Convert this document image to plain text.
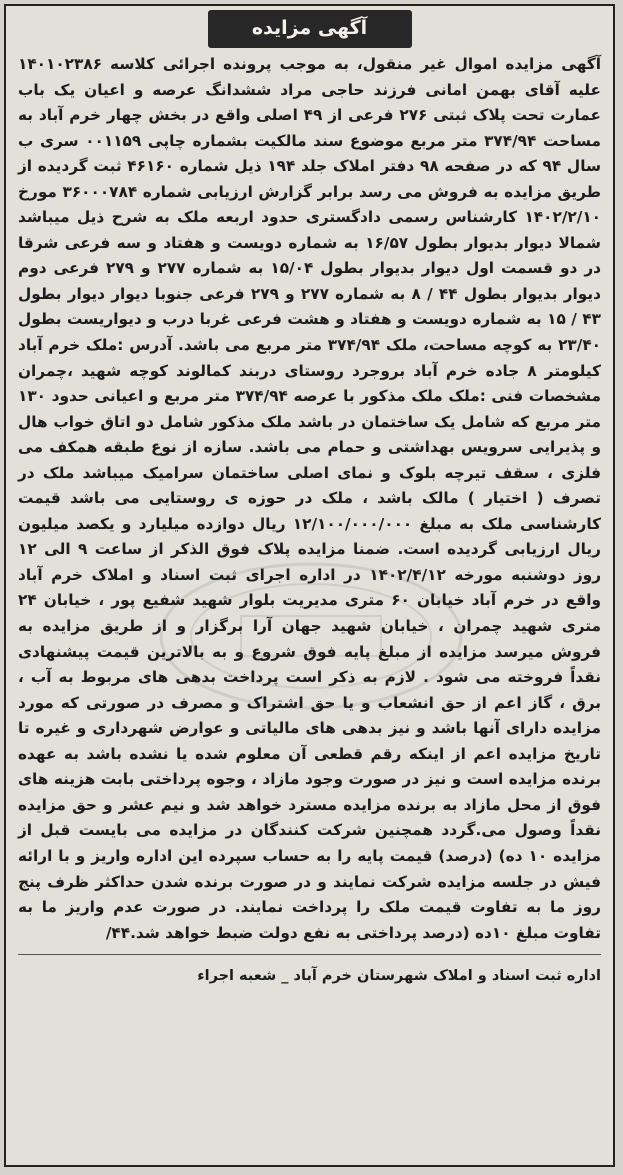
آگهی مزایده

آگهی مزایده اموال غیر منقول، به موجب پرونده اجرائی کلاسه ۱۴۰۱۰۲۳۸۶ علیه آقای بهمن امانی فرزند حاجی مراد ششدانگ عرصه و اعیان یک باب عمارت تحت پلاک ثبتی ۲۷۶ فرعی از ۴۹ اصلی واقع در بخش چهار خرم آباد به مساحت ۳۷۴/۹۴ متر مربع موضوع سند مالکیت بشماره چاپی ۰۰۱۱۵۹ سری ب سال ۹۴ که در صفحه ۹۸ دفتر املاک جلد ۱۹۴ ذیل شماره ۴۶۱۶۰ ثبت گردیده از طریق مزایده به فروش می رسد برابر گزارش ارزیابی شماره ۳۶۰۰۰۷۸۴ مورخ ۱۴۰۲/۲/۱۰ کارشناس رسمی دادگستری حدود اربعه ملک به شرح ذیل میباشد شمالا دیوار بدیوار بطول ۱۶/۵۷ به شماره دویست و هفتاد و سه فرعی شرقا در دو قسمت اول دیوار بدیوار بطول ۱۵/۰۴ به شماره ۲۷۷ و ۲۷۹ فرعی دوم دیوار بدیوار بطول ۴۴ / ۸ به شماره ۲۷۷ و ۲۷۹ فرعی جنوبا دیوار دیوار بطول ۴۳ / ۱۵ به شماره دویست و هفتاد و هشت فرعی غربا درب و دیواریست بطول ۲۳/۴۰ به کوچه مساحت، ملک ۳۷۴/۹۴ متر مربع می باشد. آدرس :ملک خرم آباد کیلومتر ۸ جاده خرم آباد بروجرد روستای دربند کمالوند کوچه شهید ،چمران مشخصات فنی :ملک ملک مذکور با عرصه ۳۷۴/۹۴ متر مربع و اعیانی حدود ۱۳۰ متر مربع که شامل یک ساختمان در باشد ملک مذکور شامل دو اتاق خواب هال و پذیرایی سرویس بهداشتی و حمام می باشد. سازه از نوع طبقه همکف می فلزی ، سقف تیرچه بلوک و نمای اصلی ساختمان سرامیک میباشد ملک در تصرف ( اختیار ) مالک باشد ، ملک در حوزه ی روستایی می باشد قیمت کارشناسی ملک به مبلغ ۱۲/۱۰۰/۰۰۰/۰۰۰ ریال دوازده میلیارد و یکصد میلیون ریال ارزیابی گردیده است. ضمنا مزایده پلاک فوق الذکر از ساعت ۹ الی ۱۲ روز دوشنبه مورخه ۱۴۰۲/۴/۱۲ در اداره اجرای ثبت اسناد و املاک خرم آباد واقع در خرم آباد خیابان ۶۰ متری مدیریت بلوار شهید شفیع پور ، خیابان ۲۴ متری شهید چمران ، خیابان شهید جهان آرا برگزار و از طریق مزایده به فروش میرسد مزایده از مبلغ پایه فوق شروع و به بالاترین قیمت پیشنهادی نقداً فروخته می شود . لازم به ذکر است پرداخت بدهی های مربوط به آب ، برق ، گاز اعم از حق انشعاب و یا حق اشتراک و مصرف در صورتی که مورد مزایده دارای آنها باشد و نیز بدهی های مالیاتی و عوارض شهرداری و غیره تا تاریخ مزایده اعم از اینکه رقم قطعی آن معلوم شده یا نشده باشد به عهده برنده مزایده است و نیز در صورت وجود مازاد ، وجوه پرداختی بابت هزینه های فوق از محل مازاد به برنده مزایده مسترد خواهد شد و نیم عشر و حق مزایده نقداً وصول می.گردد همچنین شرکت کنندگان در مزایده می بایست قبل از مزایده ۱۰ ده) (درصد) قیمت پایه را به حساب سپرده این اداره واریز و با ارائه فیش در جلسه مزایده شرکت نمایند و در صورت برنده شدن حداکثر ظرف پنج روز ما به تفاوت قیمت ملک را پرداخت نمایند. در صورت عدم واریز ما به تفاوت مبلغ ۱۰ده (درصد پرداختی به نفع دولت ضبط خواهد شد.۴۴/

اداره ثبت اسناد و املاک شهرستان خرم آباد _ شعبه اجراء
